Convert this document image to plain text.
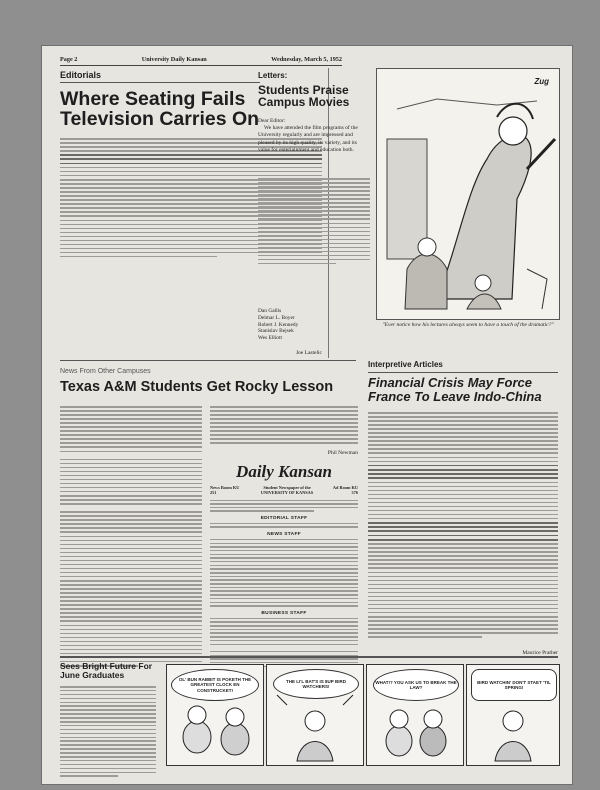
Page 2	University Daily Kansan	Wednesday, March 5, 1952
Editorials
Where Seating Fails Television Carries On
Joe Lastelic
Letters:
Students Praise Campus Movies
Dear Editor:
We have attended the film programs of the University regularly and are impressed and pleased by its high quality, its variety, and its value for entertainment and education both.
Dan Gallis
Delmar L. Boyer
Robert J. Kennedy
Stanislav Bejsek
Wes Elliott
Zug
"Ever notice how his lectures always seem to have a touch of the dramatic?"
News From Other Campuses
Texas A&M Students Get Rocky Lesson
Phil Newman
Daily Kansan
News Room KU 251
Student Newspaper of the UNIVERSITY OF KANSAS
Ad Room KU 376
EDITORIAL STAFF
NEWS STAFF
BUSINESS STAFF
Interpretive Articles
Financial Crisis May Force France To Leave Indo-China
Maurice Prather
Sees Bright Future For June Graduates
OL' BUN RABBIT IS POKETH THE GREATEST CLOCK EN CONSTRUCKET!
THE LI'L BAT'S IS 8UP BIRD WATCHERS!
WHAT!? YOU ASK US TO BREAK THE LAW?
BIRD WATCHIN' DON'T STAET 'TIL SPRING!
